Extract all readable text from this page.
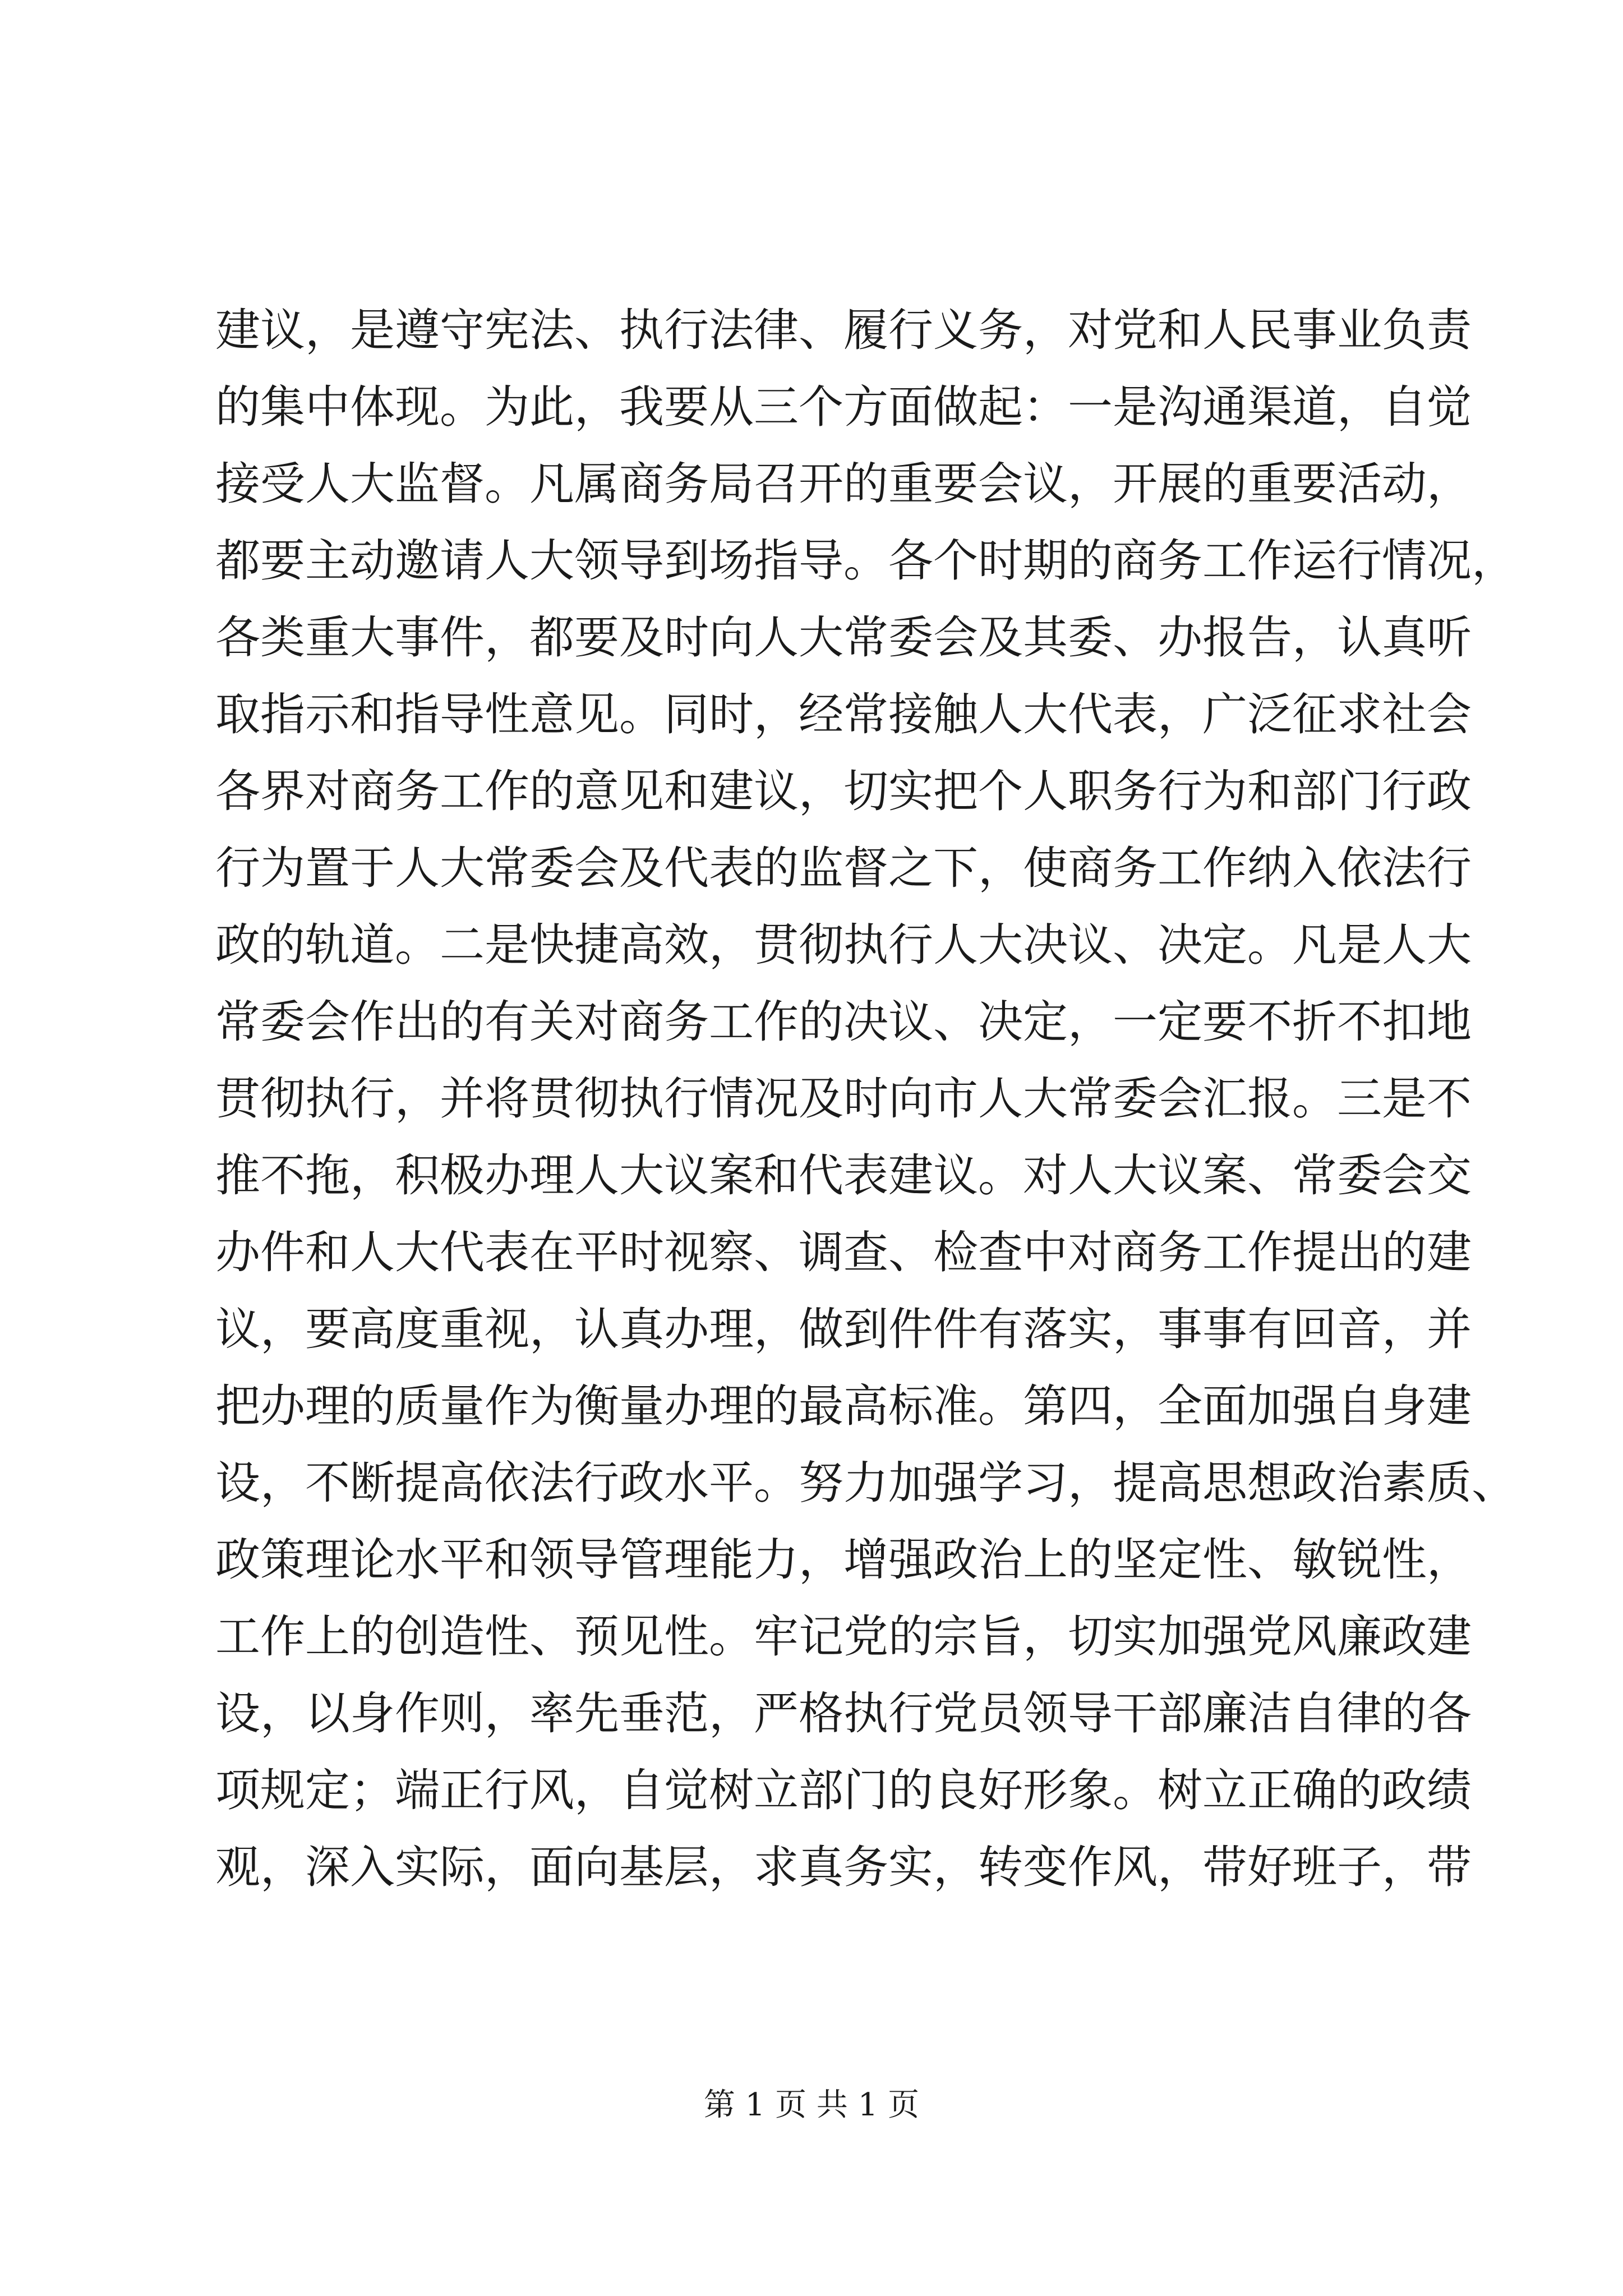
建议，是遵守宪法、执行法律、履行义务，对党和人民事业负责
的集中体现。为此，我要从三个方面做起：一是沟通渠道，自觉
接受人大监督。凡属商务局召开的重要会议，开展的重要活动，
都要主动邀请人大领导到场指导。各个时期的商务工作运行情况，
各类重大事件，都要及时向人大常委会及其委、办报告，认真听
取指示和指导性意见。同时，经常接触人大代表，广泛征求社会
各界对商务工作的意见和建议，切实把个人职务行为和部门行政
行为置于人大常委会及代表的监督之下，使商务工作纳入依法行
政的轨道。二是快捷高效，贯彻执行人大决议、决定。凡是人大
常委会作出的有关对商务工作的决议、决定，一定要不折不扣地
贯彻执行，并将贯彻执行情况及时向市人大常委会汇报。三是不
推不拖，积极办理人大议案和代表建议。对人大议案、常委会交
办件和人大代表在平时视察、调查、检查中对商务工作提出的建
议，要高度重视，认真办理，做到件件有落实，事事有回音，并
把办理的质量作为衡量办理的最高标准。第四，全面加强自身建
设，不断提高依法行政水平。努力加强学习，提高思想政治素质、
政策理论水平和领导管理能力，增强政治上的坚定性、敏锐性，
工作上的创造性、预见性。牢记党的宗旨，切实加强党风廉政建
设，以身作则，率先垂范，严格执行党员领导干部廉洁自律的各
项规定；端正行风，自觉树立部门的良好形象。树立正确的政绩
观，深入实际，面向基层，求真务实，转变作风，带好班子，带
第 1 页 共 1 页
